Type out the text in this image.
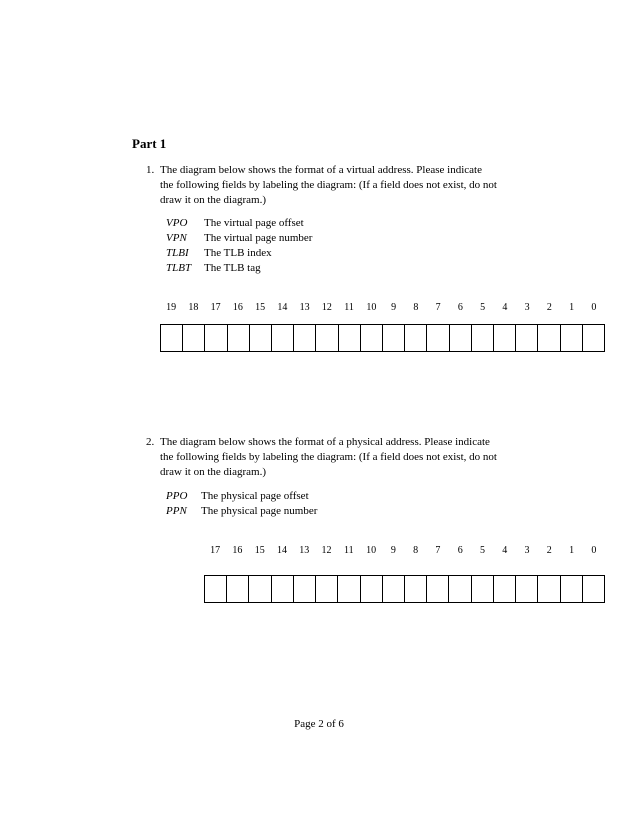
Part 1
1. The diagram below shows the format of a virtual address. Please indicate
the following fields by labeling the diagram: (If a field does not exist, do not
draw it on the diagram.)
VPO	The virtual page offset
VPN	The virtual page number
TLBI	The TLB index
TLBT	The TLB tag
19	18	17	16	15	14	13	12	11	10	9	8	7	6	5	4	3	2	1	0
2. The diagram below shows the format of a physical address. Please indicate
the following fields by labeling the diagram: (If a field does not exist, do not
draw it on the diagram.)
PPO	The physical page offset
PPN	The physical page number
17	16	15	14	13	12	11	10	9	8	7	6	5	4	3	2	1	0
Page 2 of 6
